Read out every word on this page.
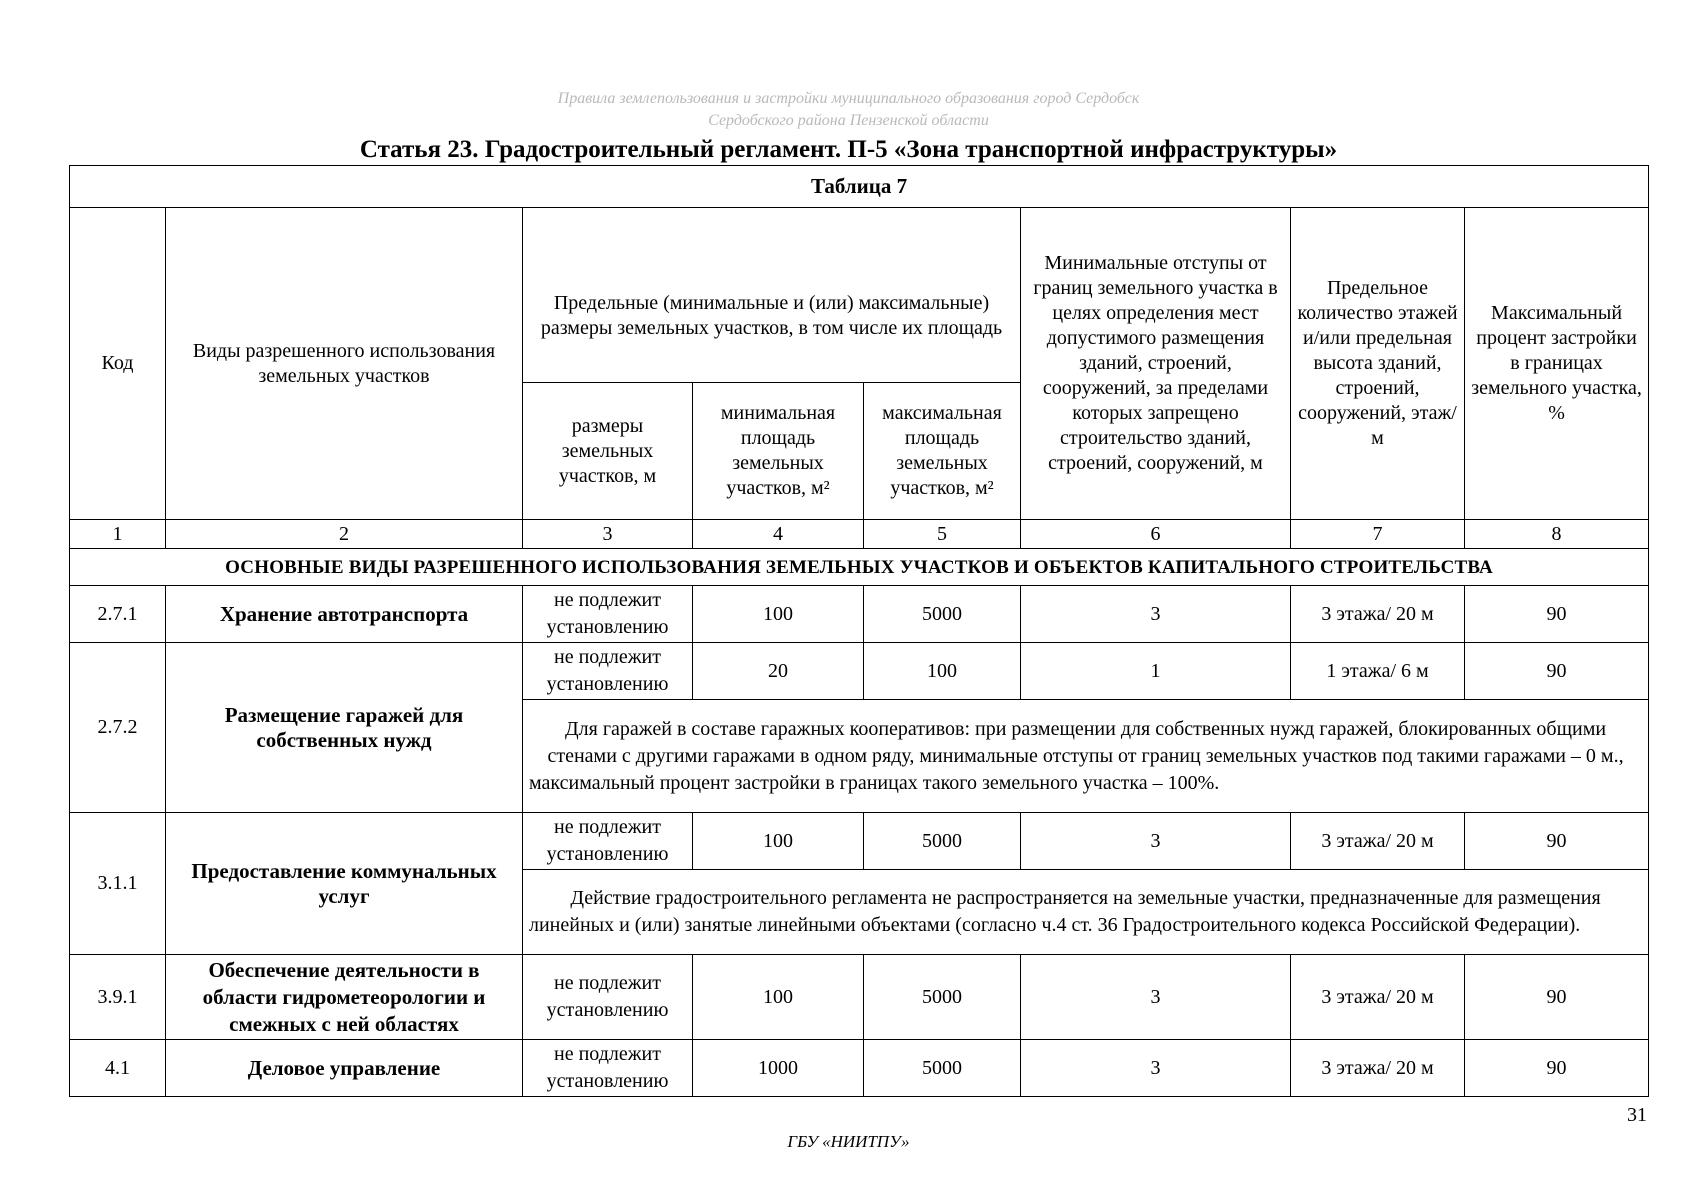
Правила землепользования и застройки муниципального образования город Сердобск
Сердобского района Пензенской области
Статья 23. Градостроительный регламент. П-5 «Зона транспортной инфраструктуры»
Таблица 7							
Код	Виды разрешенного использования земельных участков	Предельные (минимальные и (или) максимальные) размеры земельных участков, в том числе их площадь			Минимальные отступы от границ земельного участка в целях определения мест допустимого размещения зданий, строений, сооружений, за пределами которых запрещено строительство зданий, строений, сооружений, м	Предельное количество этажей и/или предельная высота зданий, строений, сооружений, этаж/м	Максимальный процент застройки в границах земельного участка, %
		размеры земельных участков, м	минимальная площадь земельных участков, м²	максимальная площадь земельных участков, м²			
1	2	3	4	5	6	7	8
ОСНОВНЫЕ ВИДЫ РАЗРЕШЕННОГО ИСПОЛЬЗОВАНИЯ ЗЕМЕЛЬНЫХ УЧАСТКОВ И ОБЪЕКТОВ КАПИТАЛЬНОГО СТРОИТЕЛЬСТВА							
2.7.1	Хранение автотранспорта	не подлежит установлению	100	5000	3	3 этажа/ 20 м	90
2.7.2	Размещение гаражей для собственных нужд	не подлежит установлению	20	100	1	1 этажа/ 6 м	90
		Для гаражей в составе гаражных кооперативов: при размещении для собственных нужд гаражей, блокированных общими стенами с другими гаражами в одном ряду, минимальные отступы от границ земельных участков под такими гаражами – 0 м., максимальный процент застройки в границах такого земельного участка – 100%.					
3.1.1	Предоставление коммунальных услуг	не подлежит установлению	100	5000	3	3 этажа/ 20 м	90
		Действие градостроительного регламента не распространяется на земельные участки, предназначенные для размещения линейных и (или) занятые линейными объектами (согласно ч.4 ст. 36 Градостроительного кодекса Российской Федерации).					
3.9.1	Обеспечение деятельности в области гидрометеорологии и смежных с ней областях	не подлежит установлению	100	5000	3	3 этажа/ 20 м	90
4.1	Деловое управление	не подлежит установлению	1000	5000	3	3 этажа/ 20 м	90
31
ГБУ «НИИТПУ»
